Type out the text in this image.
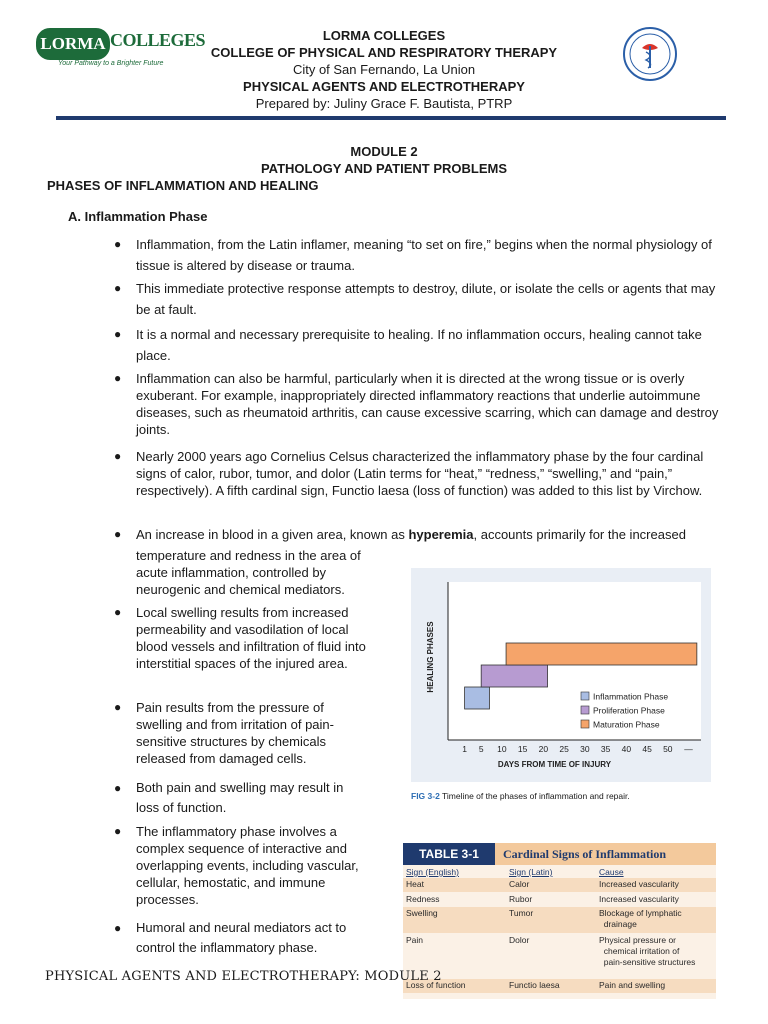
LORMA COLLEGES
Your Pathway to a Brighter Future
LORMA COLLEGES
COLLEGE OF PHYSICAL AND RESPIRATORY THERAPY
City of San Fernando, La Union
PHYSICAL AGENTS AND ELECTROTHERAPY
Prepared by: Juliny Grace F. Bautista, PTRP
MODULE 2
PATHOLOGY AND PATIENT PROBLEMS
PHASES OF INFLAMMATION AND HEALING
A. Inflammation Phase
● Inflammation, from the Latin inflamer, meaning “to set on fire,” begins when the normal physiology of tissue is altered by disease or trauma.

● This immediate protective response attempts to destroy, dilute, or isolate the cells or agents that may be at fault.

● It is a normal and necessary prerequisite to healing. If no inflammation occurs, healing cannot take place.

● Inflammation can also be harmful, particularly when it is directed at the wrong tissue or is overly exuberant. For example, inappropriately directed inflammatory reactions that underlie autoimmune diseases, such as rheumatoid arthritis, can cause excessive scarring, which can damage and destroy joints.

● Nearly 2000 years ago Cornelius Celsus characterized the inflammatory phase by the four cardinal signs of calor, rubor, tumor, and dolor (Latin terms for “heat,” “redness,” “swelling,” and “pain,” respectively). A fifth cardinal sign, Functio laesa (loss of function) was added to this list by Virchow.

● An increase in blood in a given area, known as hyperemia, accounts primarily for the increased

temperature and redness in the area of acute inflammation, controlled by neurogenic and chemical mediators.

● Local swelling results from increased permeability and vasodilation of local blood vessels and infiltration of fluid into interstitial spaces of the injured area.

● Pain results from the pressure of swelling and from irritation of pain-sensitive structures by chemicals released from damaged cells.

● Both pain and swelling may result in loss of function.

● The inflammatory phase involves a complex sequence of interactive and overlapping events, including vascular, cellular, hemostatic, and immune processes.

● Humoral and neural mediators act to control the inflammatory phase.

1 5 10 15 20 25 30 35 40 45 50 —
DAYS FROM TIME OF INJURY
HEALING PHASES
Inflammation Phase
Proliferation Phase
Maturation Phase
FIG 3-2 Timeline of the phases of inflammation and repair.
TABLE 3-1	Cardinal Signs of Inflammation
Sign (English)	Sign (Latin)	Cause
Heat	Calor	Increased vascularity
Redness	Rubor	Increased vascularity
Swelling	Tumor	Blockage of lymphatic
drainage
Pain	Dolor	Physical pressure or
chemical irritation of
pain-sensitive structures
Loss of function	Functio laesa	Pain and swelling
PHYSICAL AGENTS AND ELECTROTHERAPY: MODULE 2
